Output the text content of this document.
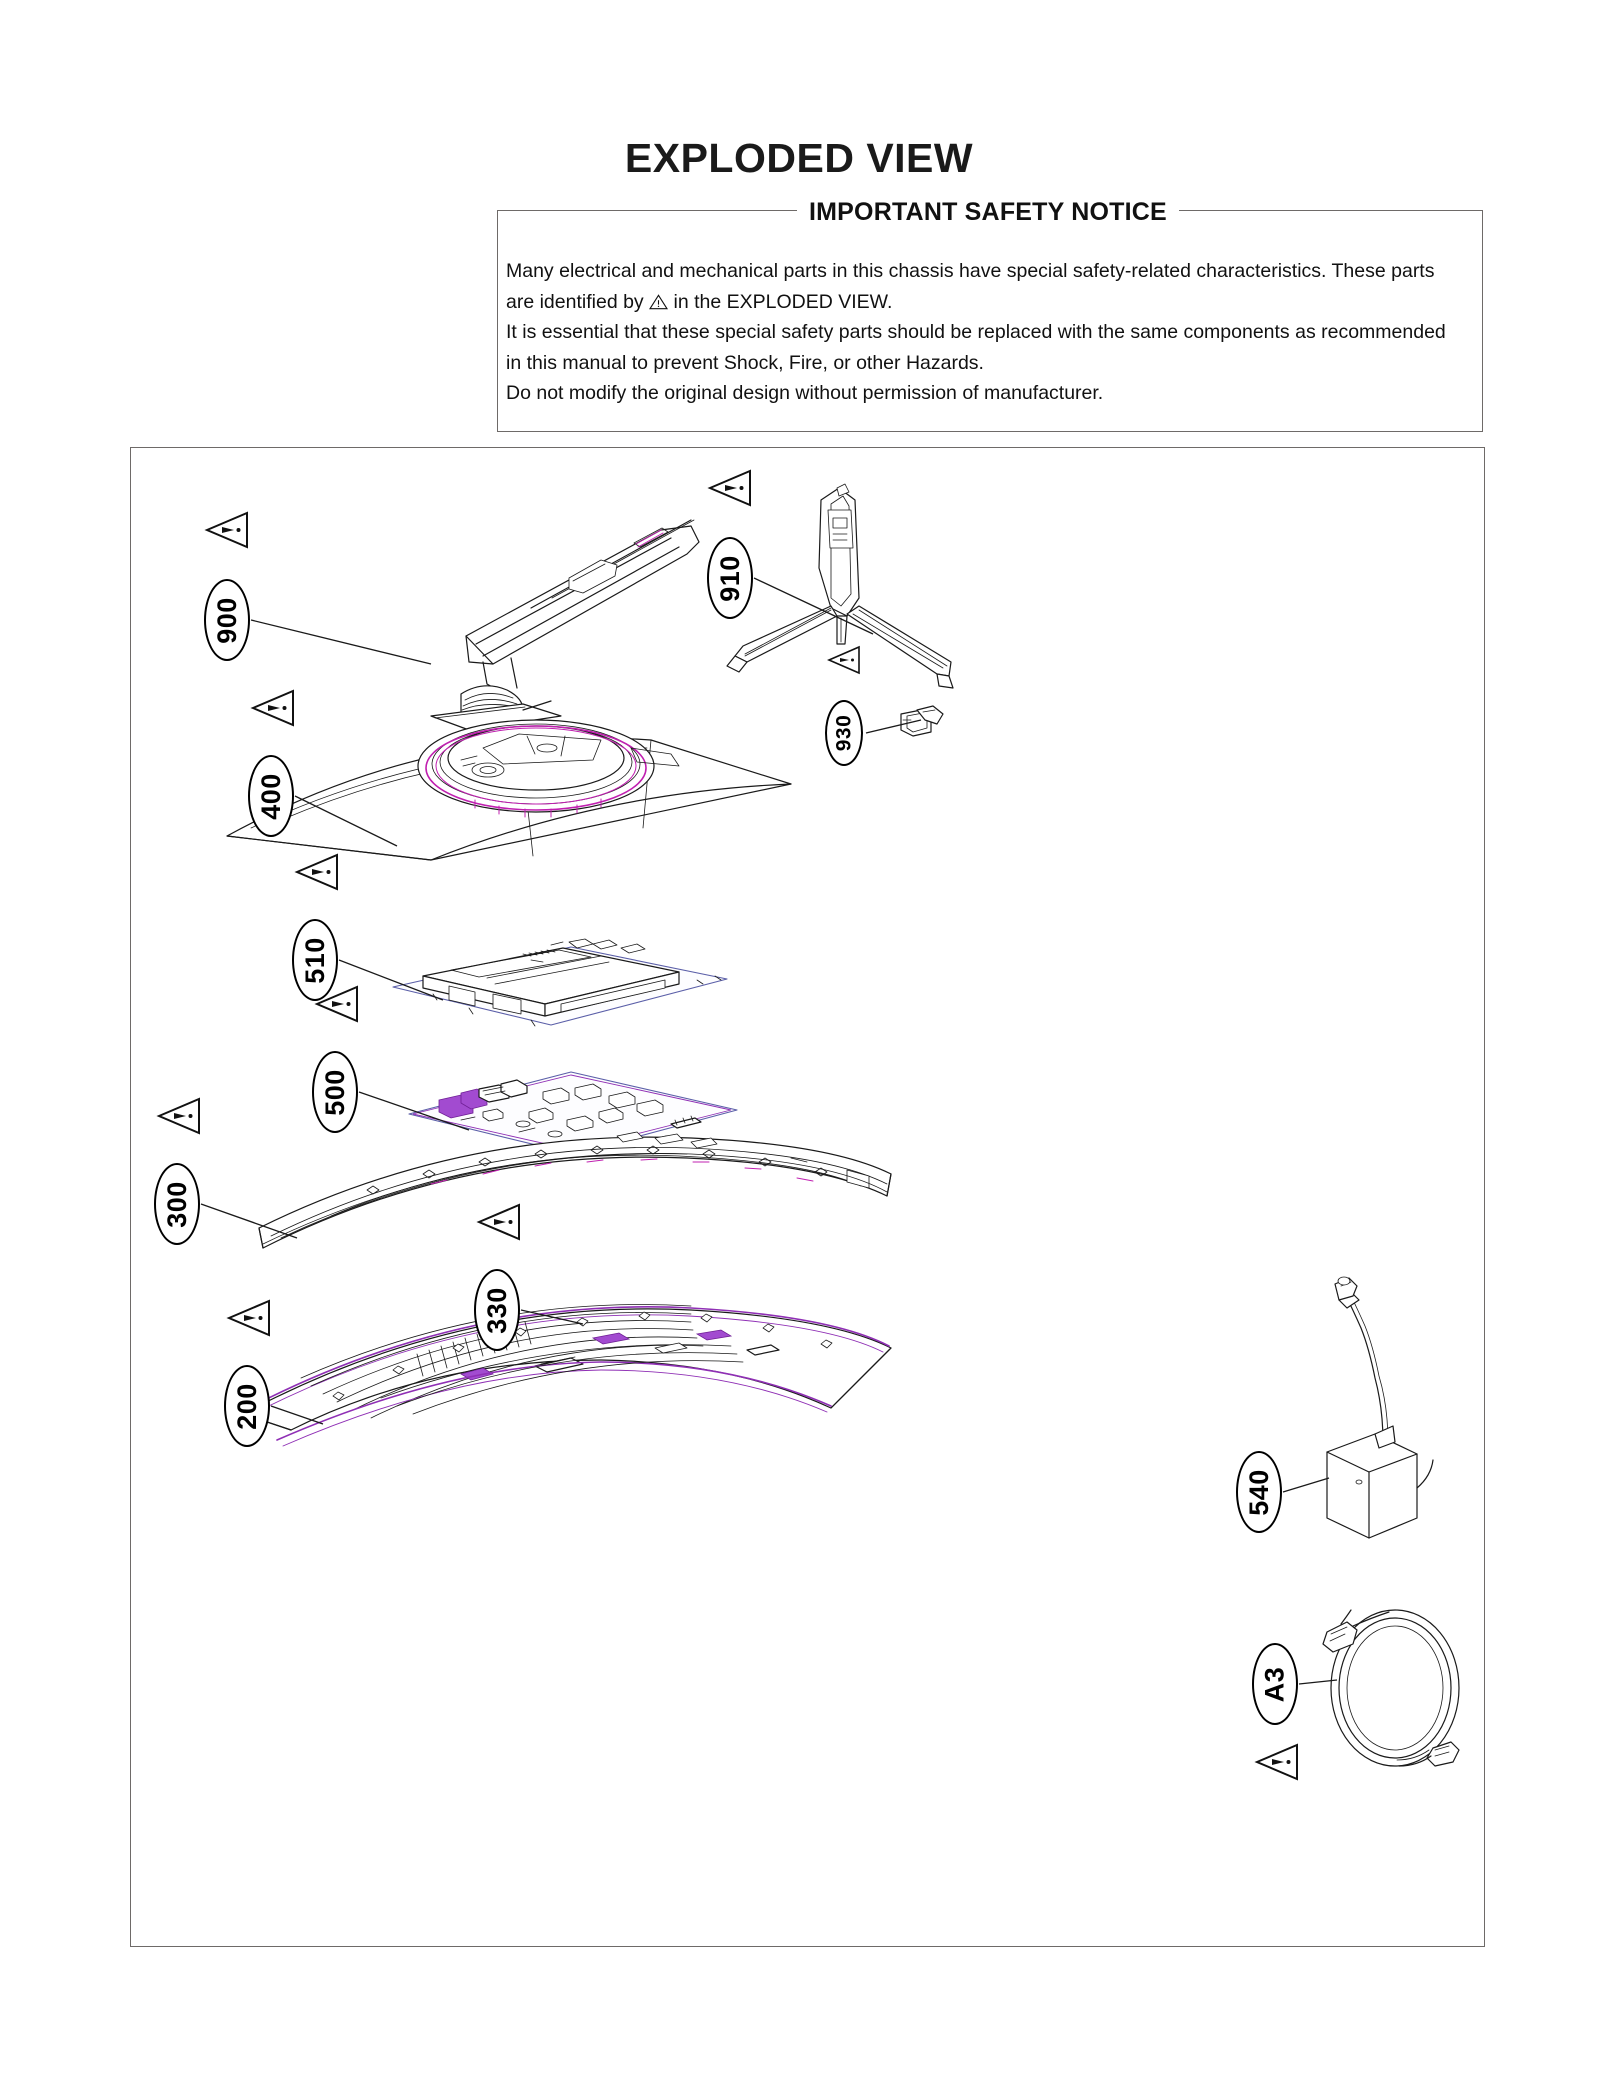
EXPLODED VIEW
IMPORTANT SAFETY NOTICE

Many electrical and mechanical parts in this chassis have special safety-related characteristics. These parts

are identified by in the EXPLODED VIEW.

It is essential that these special safety parts should be replaced with the same components as recommended

in this manual to prevent Shock, Fire, or other Hazards.

Do not modify the original design without permission of manufacturer.

900
910
400
930
510
500
300
330
200
540
A3
